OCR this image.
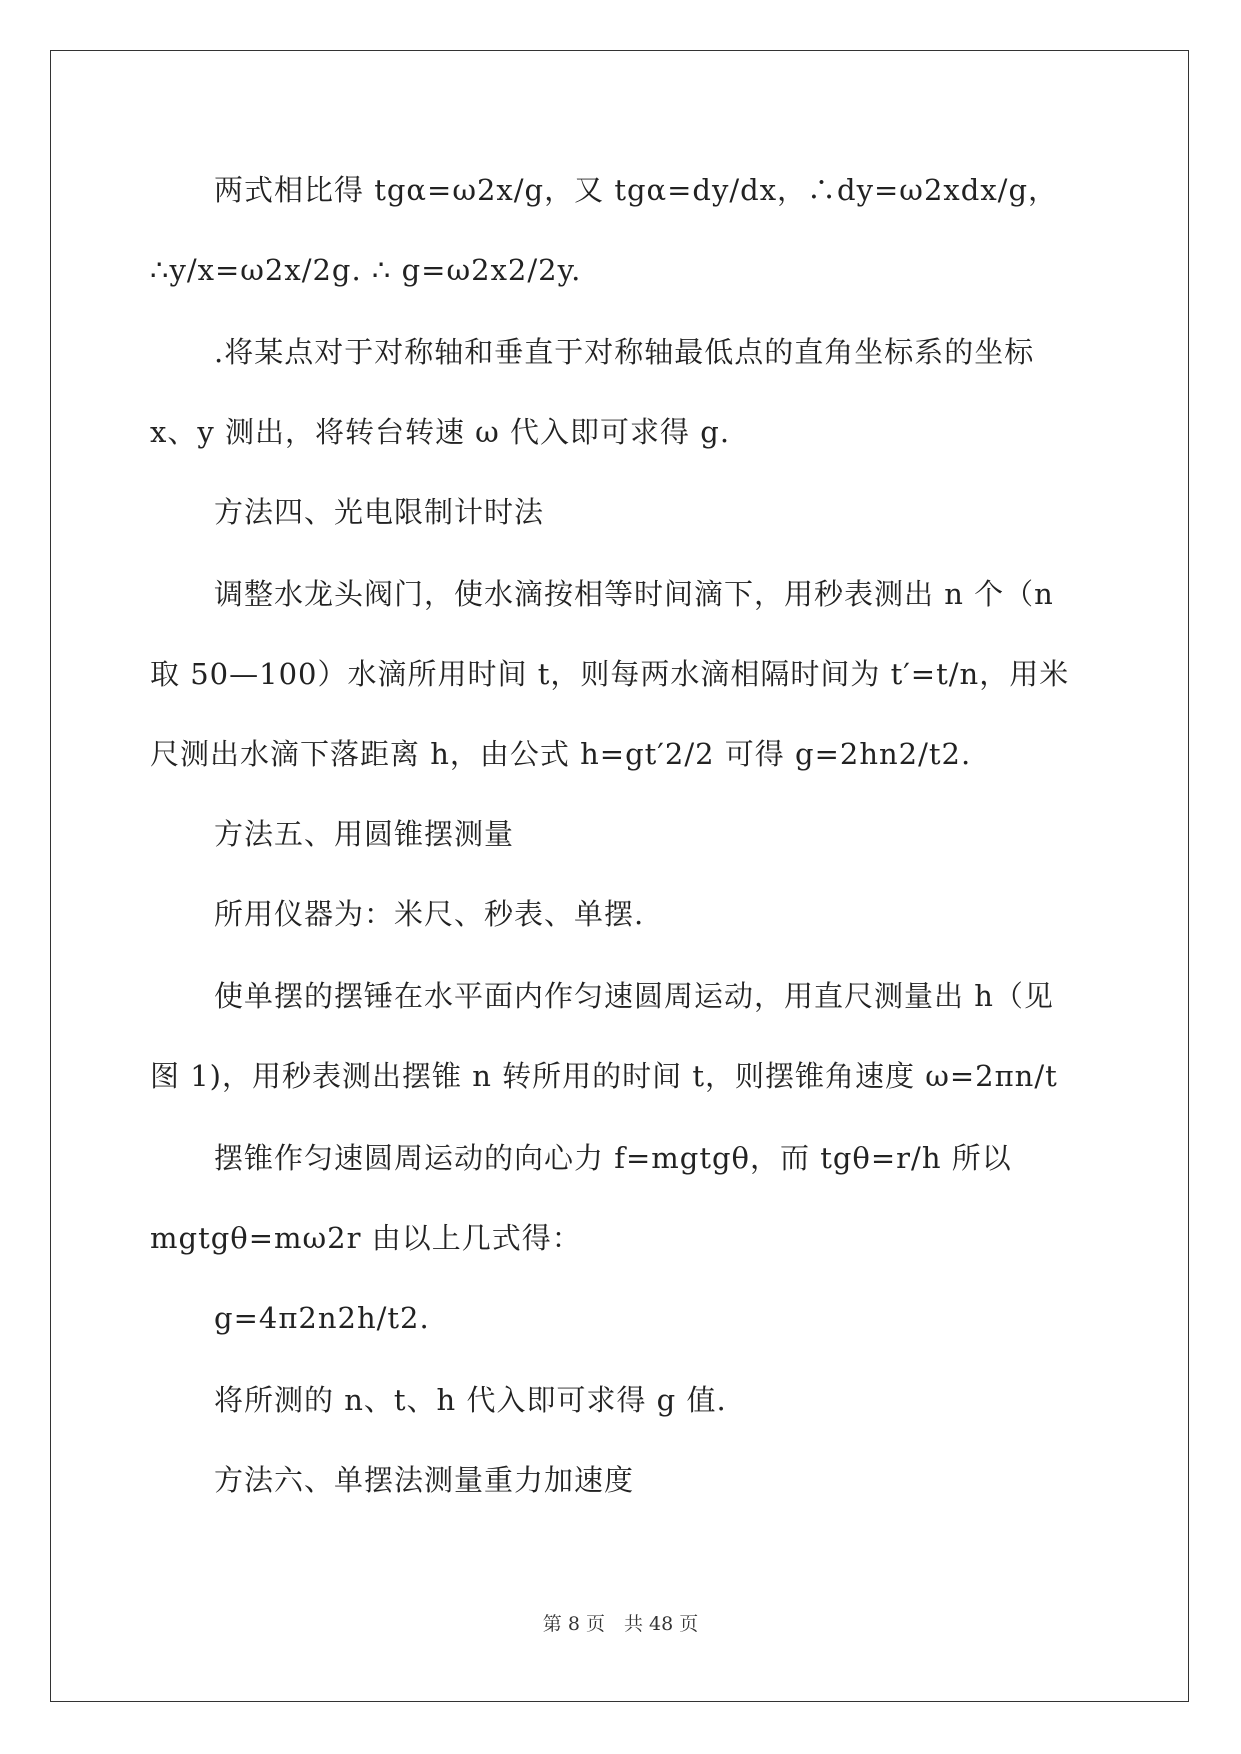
两式相比得 tgα=ω2x/g，又 tgα=dy/dx，∴dy=ω2xdx/g，
∴y/x=ω2x/2g. ∴ g=ω2x2/2y.
.将某点对于对称轴和垂直于对称轴最低点的直角坐标系的坐标
x、y 测出，将转台转速 ω 代入即可求得 g.
方法四、光电限制计时法
调整水龙头阀门，使水滴按相等时间滴下，用秒表测出 n 个（n
取 50—100）水滴所用时间 t，则每两水滴相隔时间为 t′=t/n，用米
尺测出水滴下落距离 h，由公式 h=gt′2/2 可得 g=2hn2/t2.
方法五、用圆锥摆测量
所用仪器为：米尺、秒表、单摆.
使单摆的摆锤在水平面内作匀速圆周运动，用直尺测量出 h（见
图 1)，用秒表测出摆锥 n 转所用的时间 t，则摆锥角速度 ω=2πn/t
摆锥作匀速圆周运动的向心力 f=mgtgθ，而 tgθ=r/h 所以
mgtgθ=mω2r 由以上几式得：
g=4π2n2h/t2.
将所测的 n、t、h 代入即可求得 g 值.
方法六、单摆法测量重力加速度
第 8 页　共 48 页
